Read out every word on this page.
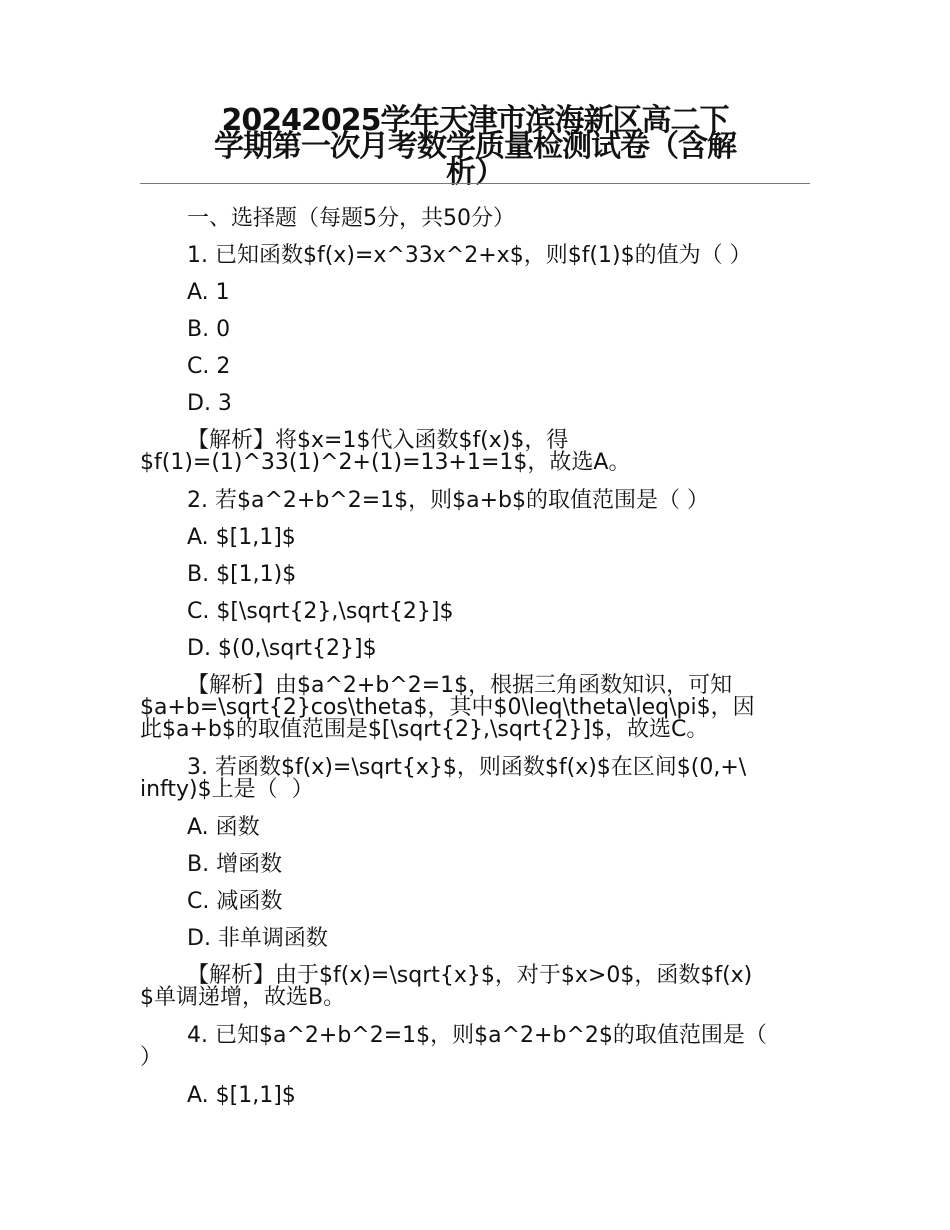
20242025学年天津市滨海新区高二下
学期第一次月考数学质量检测试卷（含解
析）

一、选择题（每题5分，共50分）

1. 已知函数$f(x)=x^33x^2+x$，则$f(1)$的值为（ ）

A. 1

B. 0

C. 2

D. 3

【解析】将$x=1$代入函数$f(x)$，得
$f(1)=(1)^33(1)^2+(1)=13+1=1$，故选A。

2. 若$a^2+b^2=1$，则$a+b$的取值范围是（ ）

A. $[1,1]$

B. $[1,1)$

C. $[\sqrt{2},\sqrt{2}]$

D. $(0,\sqrt{2}]$

【解析】由$a^2+b^2=1$，根据三角函数知识，可知
$a+b=\sqrt{2}cos\theta$，其中$0\leq\theta\leq\pi$，因
此$a+b$的取值范围是$[\sqrt{2},\sqrt{2}]$，故选C。
3. 若函数$f(x)=\sqrt{x}$，则函数$f(x)$在区间$(0,+\
infty)$上是（  ）

A. 函数

B. 增函数

C. 减函数

D. 非单调函数

【解析】由于$f(x)=\sqrt{x}$，对于$x>0$，函数$f(x)
$单调递增，故选B。
4. 已知$a^2+b^2=1$，则$a^2+b^2$的取值范围是（
）

A. $[1,1]$
